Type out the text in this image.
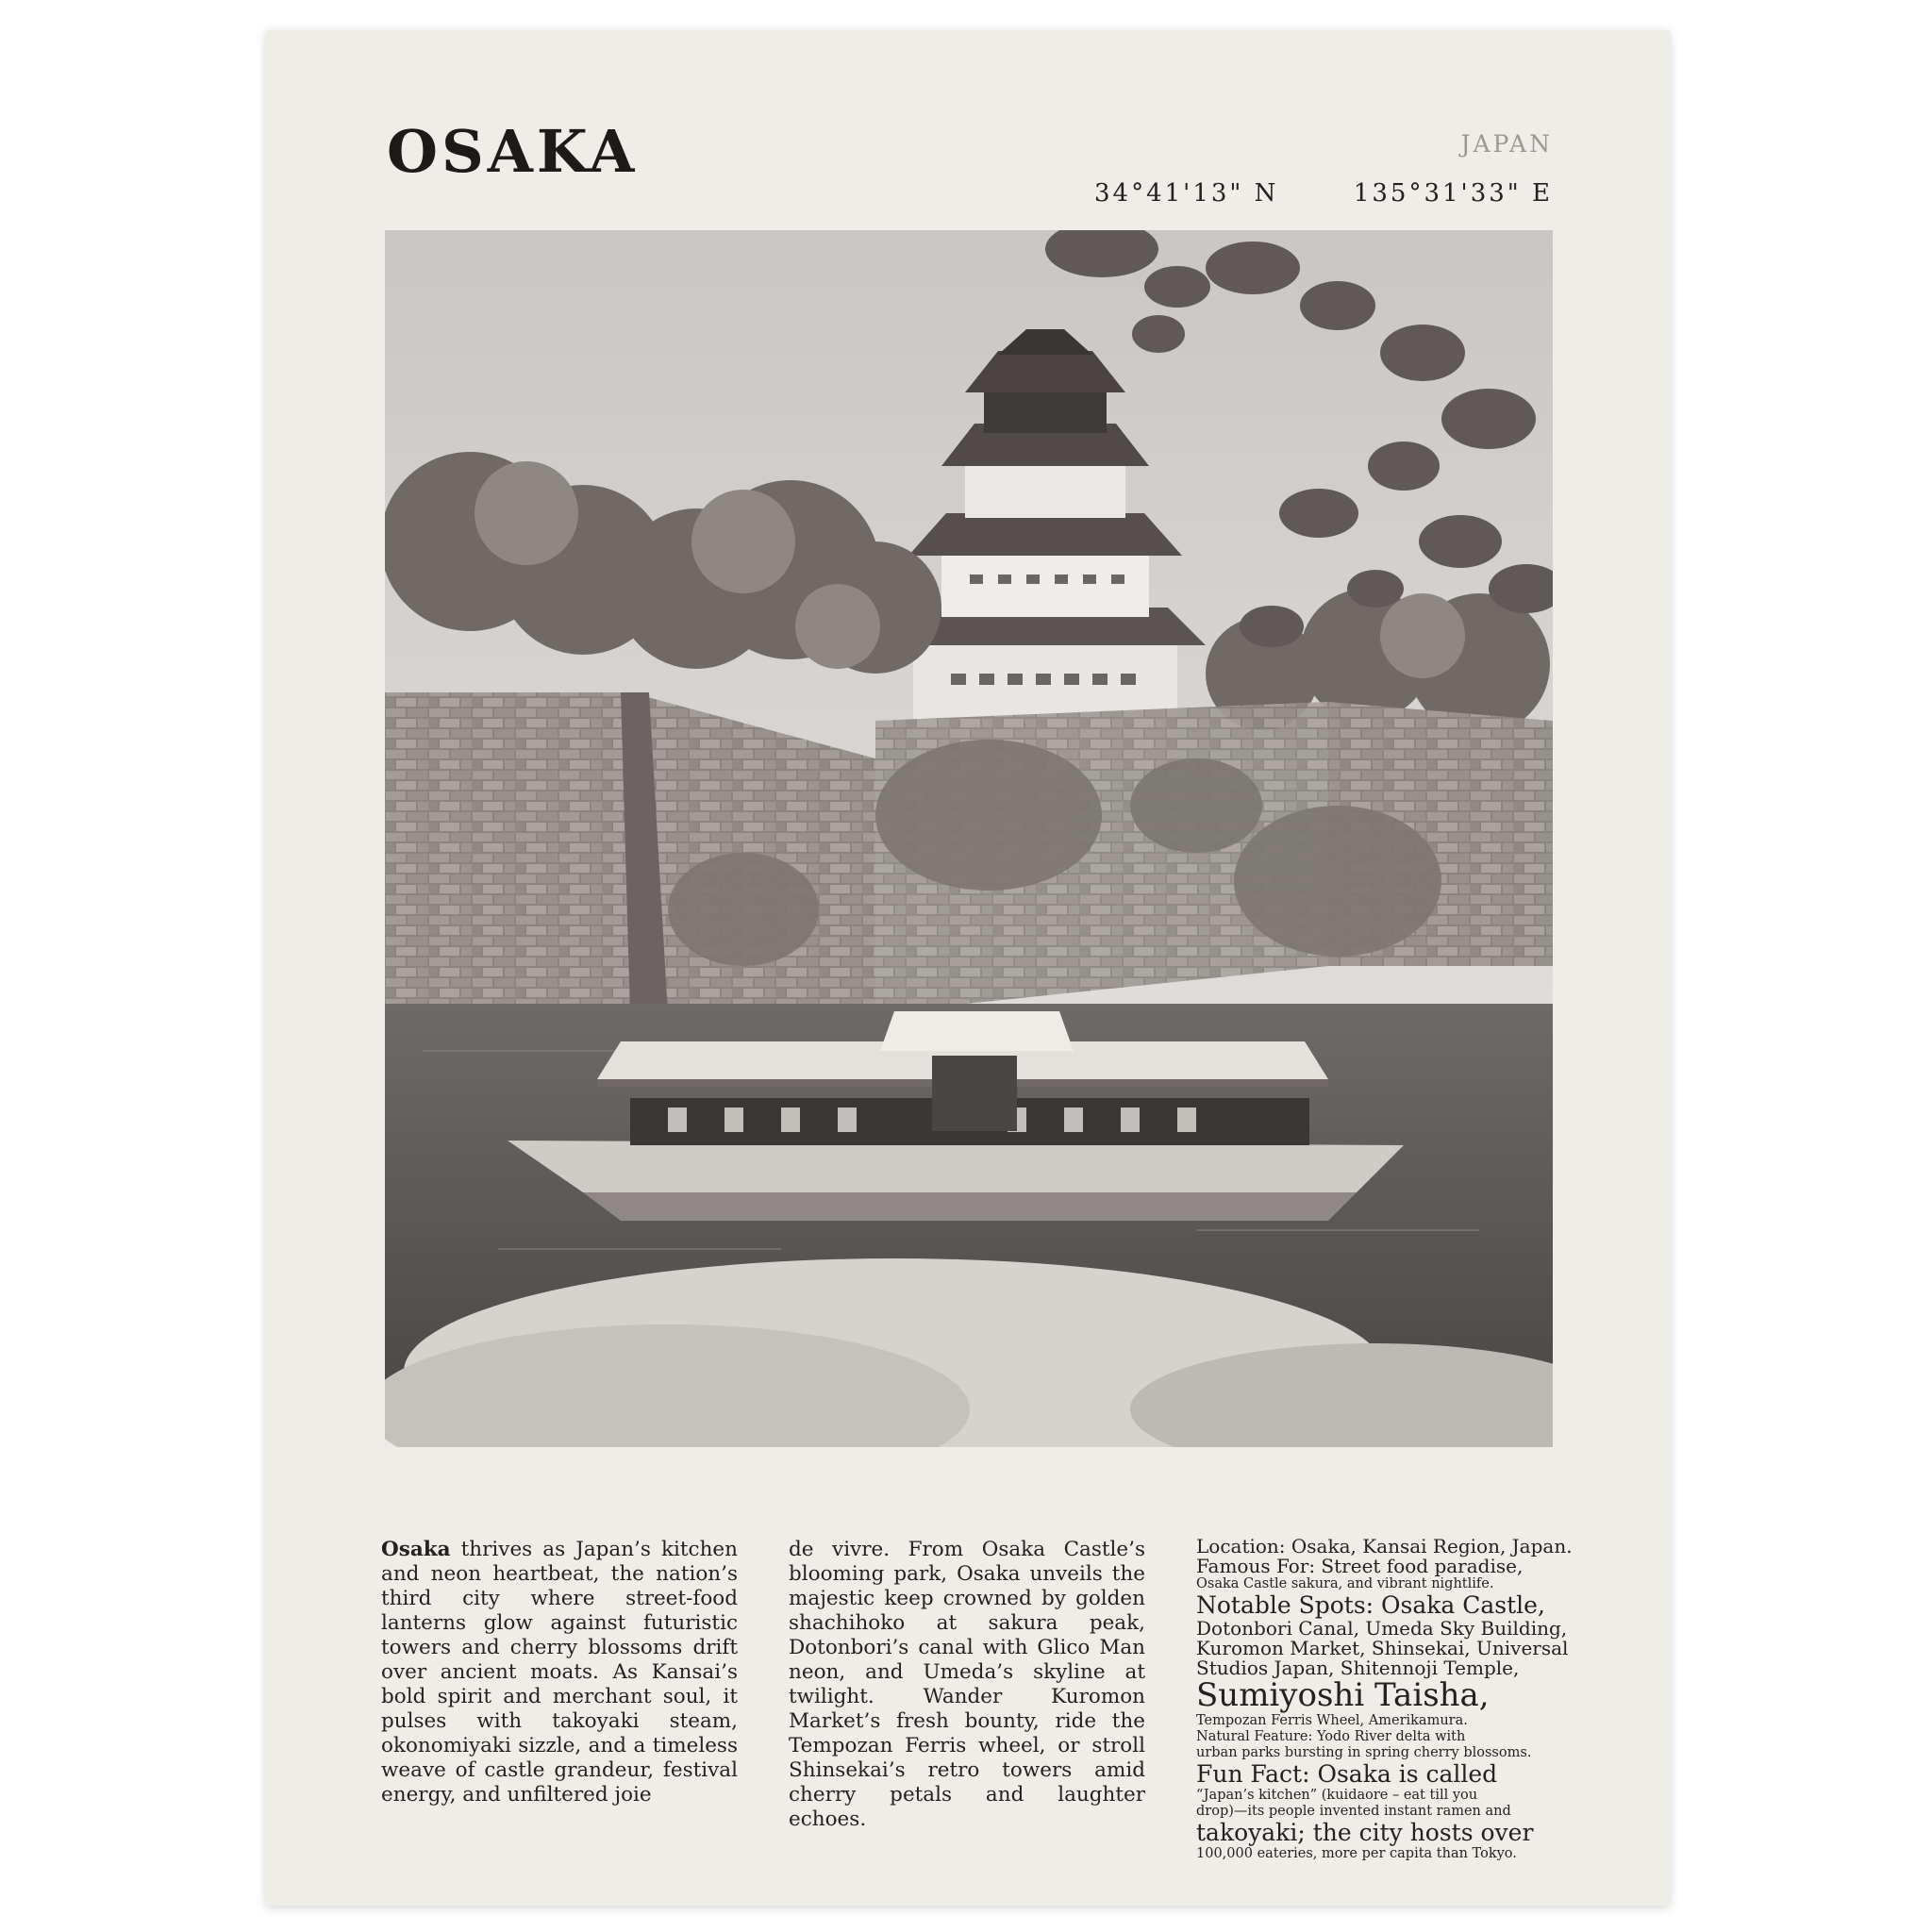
OSAKA	JAPAN
34°41'13" N	135°31'33" E

Osaka thrives as Japan’s kitchen and neon heartbeat, the nation’s third city where street-food lanterns glow against futuristic towers and cherry blossoms drift over ancient moats. As Kansai’s bold spirit and merchant soul, it pulses with takoyaki steam, okonomiyaki sizzle, and a timeless weave of castle grandeur, festival energy, and unfiltered joie

de vivre. From Osaka Castle’s blooming park, Osaka unveils the majestic keep crowned by golden shachihoko at sakura peak, Dotonbori’s canal with Glico Man neon, and Umeda’s skyline at twilight. Wander Kuromon Market’s fresh bounty, ride the Tempozan Ferris wheel, or stroll Shinsekai’s retro towers amid cherry petals and laughter echoes.

Location: Osaka, Kansai Region, Japan.
Famous For: Street food paradise,
Osaka Castle sakura, and vibrant nightlife.
Notable Spots: Osaka Castle,
Dotonbori Canal, Umeda Sky Building,
Kuromon Market, Shinsekai, Universal
Studios Japan, Shitennoji Temple,
Sumiyoshi Taisha,
Tempozan Ferris Wheel, Amerikamura.
Natural Feature: Yodo River delta with
urban parks bursting in spring cherry blossoms.
Fun Fact: Osaka is called
“Japan’s kitchen” (kuidaore – eat till you
drop)—its people invented instant ramen and
takoyaki; the city hosts over
100,000 eateries, more per capita than Tokyo.
